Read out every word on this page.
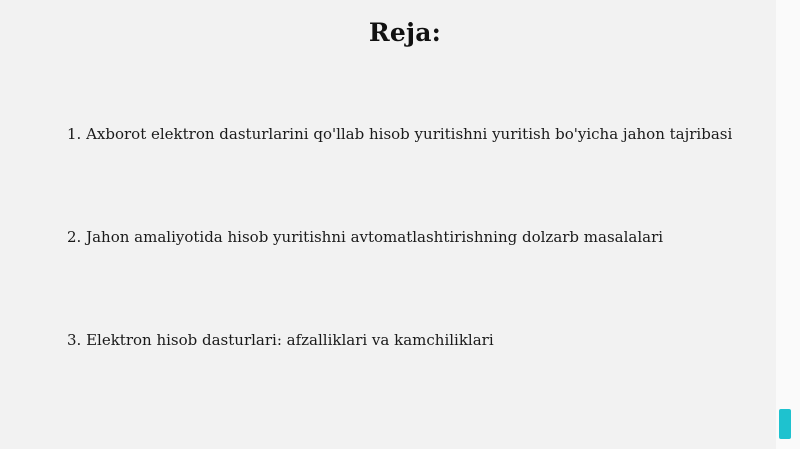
Reja:
1. Axborot elektron dasturlarini qo'llab hisob yuritishni yuritish bo'yicha jahon tajribasi
2. Jahon amaliyotida hisob yuritishni avtomatlashtirishning dolzarb masalalari
3. Elektron hisob dasturlari: afzalliklari va kamchiliklari
